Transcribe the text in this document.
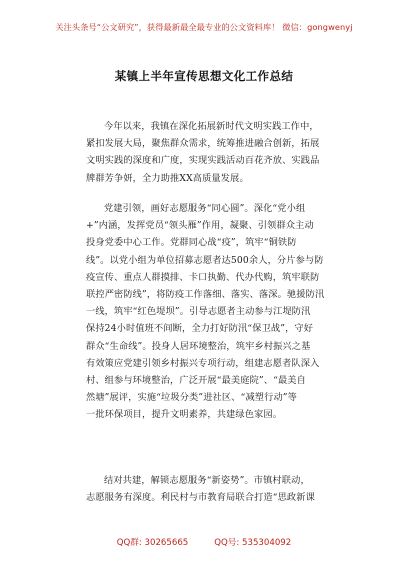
关注头条号“公文研究”，获得最新最全最专业的公文资料库！ 微信：gongwenyj
某镇上半年宣传思想文化工作总结
今年以来，我镇在深化拓展新时代文明实践工作中，
紧扣发展大局，聚焦群众需求，统筹推进融合创新，拓展
文明实践的深度和广度，实现实践活动百花齐放、实践品
牌群芳争妍，全力助推XX高质量发展。
党建引领，画好志愿服务“同心圆”。深化“党小组
+”内涵，发挥党员“领头雁”作用，凝聚、引领群众主动
投身党委中心工作。党群同心战“疫”，筑牢“铜铁防
线”。以党小组为单位招募志愿者达500余人，分片参与防
疫宣传、重点人群摸排、卡口执勤、代办代购，筑牢联防
联控严密防线”，将防疫工作落细、落实、落深。驰援防汛
一线，筑牢“红色堤坝”。引导志愿者主动参与江堤防汛
保持24小时值班不间断，全力打好防汛“保卫战”，守好
群众“生命线”。投身人居环境整治，筑牢乡村振兴之基
有效策应党建引领乡村振兴专项行动，组建志愿者队深入
村、组参与环境整治，广泛开展“最美庭院”、“最美自
然塘”展评，实施“垃圾分类”进社区、“减塑行动”等
一批环保项目，提升文明素养，共建绿色家园。
结对共建，解锁志愿服务“新姿势”。市镇村联动，
志愿服务有深度。利民村与市教育局联合打造“思政新课
QQ群: 30265665	QQ号: 535304092
